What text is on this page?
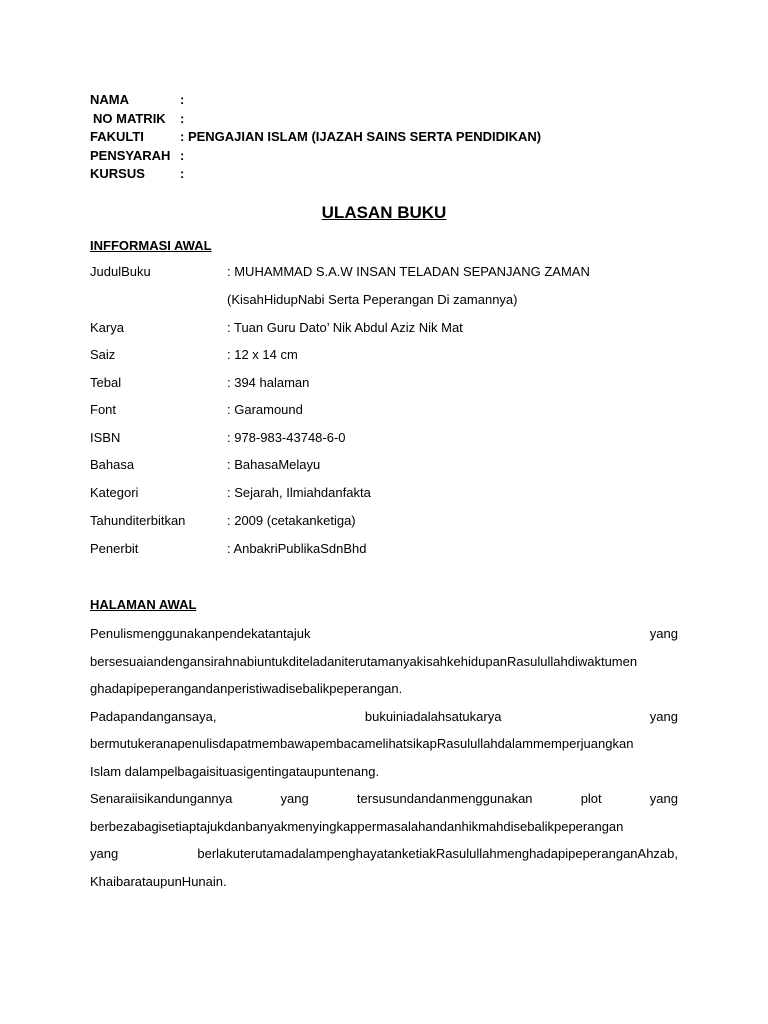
NAMA	:
NO MATRIK	:
FAKULTI	: PENGAJIAN ISLAM (IJAZAH SAINS SERTA PENDIDIKAN)
PENSYARAH :
KURSUS	:
ULASAN BUKU
INFFORMASI AWAL
JudulBuku	: MUHAMMAD S.A.W INSAN TELADAN SEPANJANG ZAMAN
(KisahHidupNabi Serta Peperangan Di zamannya)
Karya	: Tuan Guru Dato’ Nik Abdul Aziz Nik Mat
Saiz	: 12 x 14 cm
Tebal	: 394 halaman
Font	: Garamound
ISBN	: 978-983-43748-6-0
Bahasa	: BahasaMelayu
Kategori	: Sejarah, Ilmiahdanfakta
Tahunditerbitkan	: 2009 (cetakanketiga)
Penerbit	: AnbakriPublikaSdnBhd
HALAMAN AWAL
Penulismenggunakanpendekatantajuk yang
bersesuaiandengansirahnabiuntukditeladaniterutamanyakisahkehidupanRasulullahdiwaktumen
ghadapipeperangandanperistiwadisebalikpeperangan.
Padapandangansaya, bukuiniadalahsatukarya yang
bermutukeranapenulisdapatmembawapembacamelihatsikapRasulullahdalammemperjuangkan
Islam dalampelbagaisituasigentingataupuntenang.
Senaraiisikandungannya yang tersusundandanmenggunakan plot yang
berbezabagisetiaptajukdanbanyakmenyingkappermasalahandanhikmahdisebalikpeperangan
yang berlakuterutamadalampenghayatanketiakRasulullahmenghadapipeperanganAhzab,
KhaibarataupunHunain.
